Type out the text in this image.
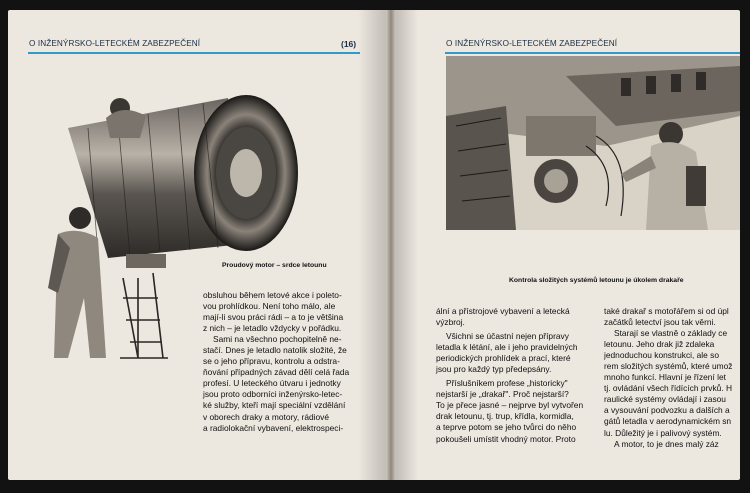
O INŽENÝRSKO-LETECKÉM ZABEZPEČENÍ	(16)
Proudový motor – srdce letounu

obsluhou během letové akce i poleto-

vou prohlídkou. Není toho málo, ale

mají-li svou práci rádi – a to je většina

z nich – je letadlo vždycky v pořádku.

Sami na všechno pochopitelně ne-

stačí. Dnes je letadlo natolik složité, že

se o jeho přípravu, kontrolu a odstra-

ňování případných závad dělí celá řada

profesí. U leteckého útvaru i jednotky

jsou proto odborníci inženýrsko-letec-

ké služby, kteří mají speciální vzdělání

v oborech draky a motory, rádiové

a radiolokační vybavení, elektrospeci-

O INŽENÝRSKO-LETECKÉM ZABEZPEČENÍ
Kontrola složitých systémů letounu je úkolem drakaře

ální a přístrojové vybavení a letecká

výzbroj.

Všichni se účastní nejen přípravy

letadla k létání, ale i jeho pravidelných

periodických prohlídek a prací, které

jsou pro každý typ předepsány.

Příslušníkem profese „historicky"

nejstarší je „drakař". Proč nejstarší?

To je přece jasné – nejprve byl vytvořen

drak letounu, tj. trup, křídla, kormidla,

a teprve potom se jeho tvůrci do něho

pokoušeli umístit vhodný motor. Proto

také drakař s motořářem si od úpl

začátků letectví jsou tak věrni.

Starají se vlastně o základy ce

letounu. Jeho drak již zdaleka

jednoduchou konstrukci, ale so

rem složitých systémů, které umož

mnoho funkcí. Hlavní je řízení let

tj. ovládání všech řídících prvků. H

raulické systémy ovládají i zasou

a vysouvání podvozku a dalších a

gátů letadla v aerodynamickém sn

lu. Důležitý je i palivový systém.

A motor, to je dnes malý záz
